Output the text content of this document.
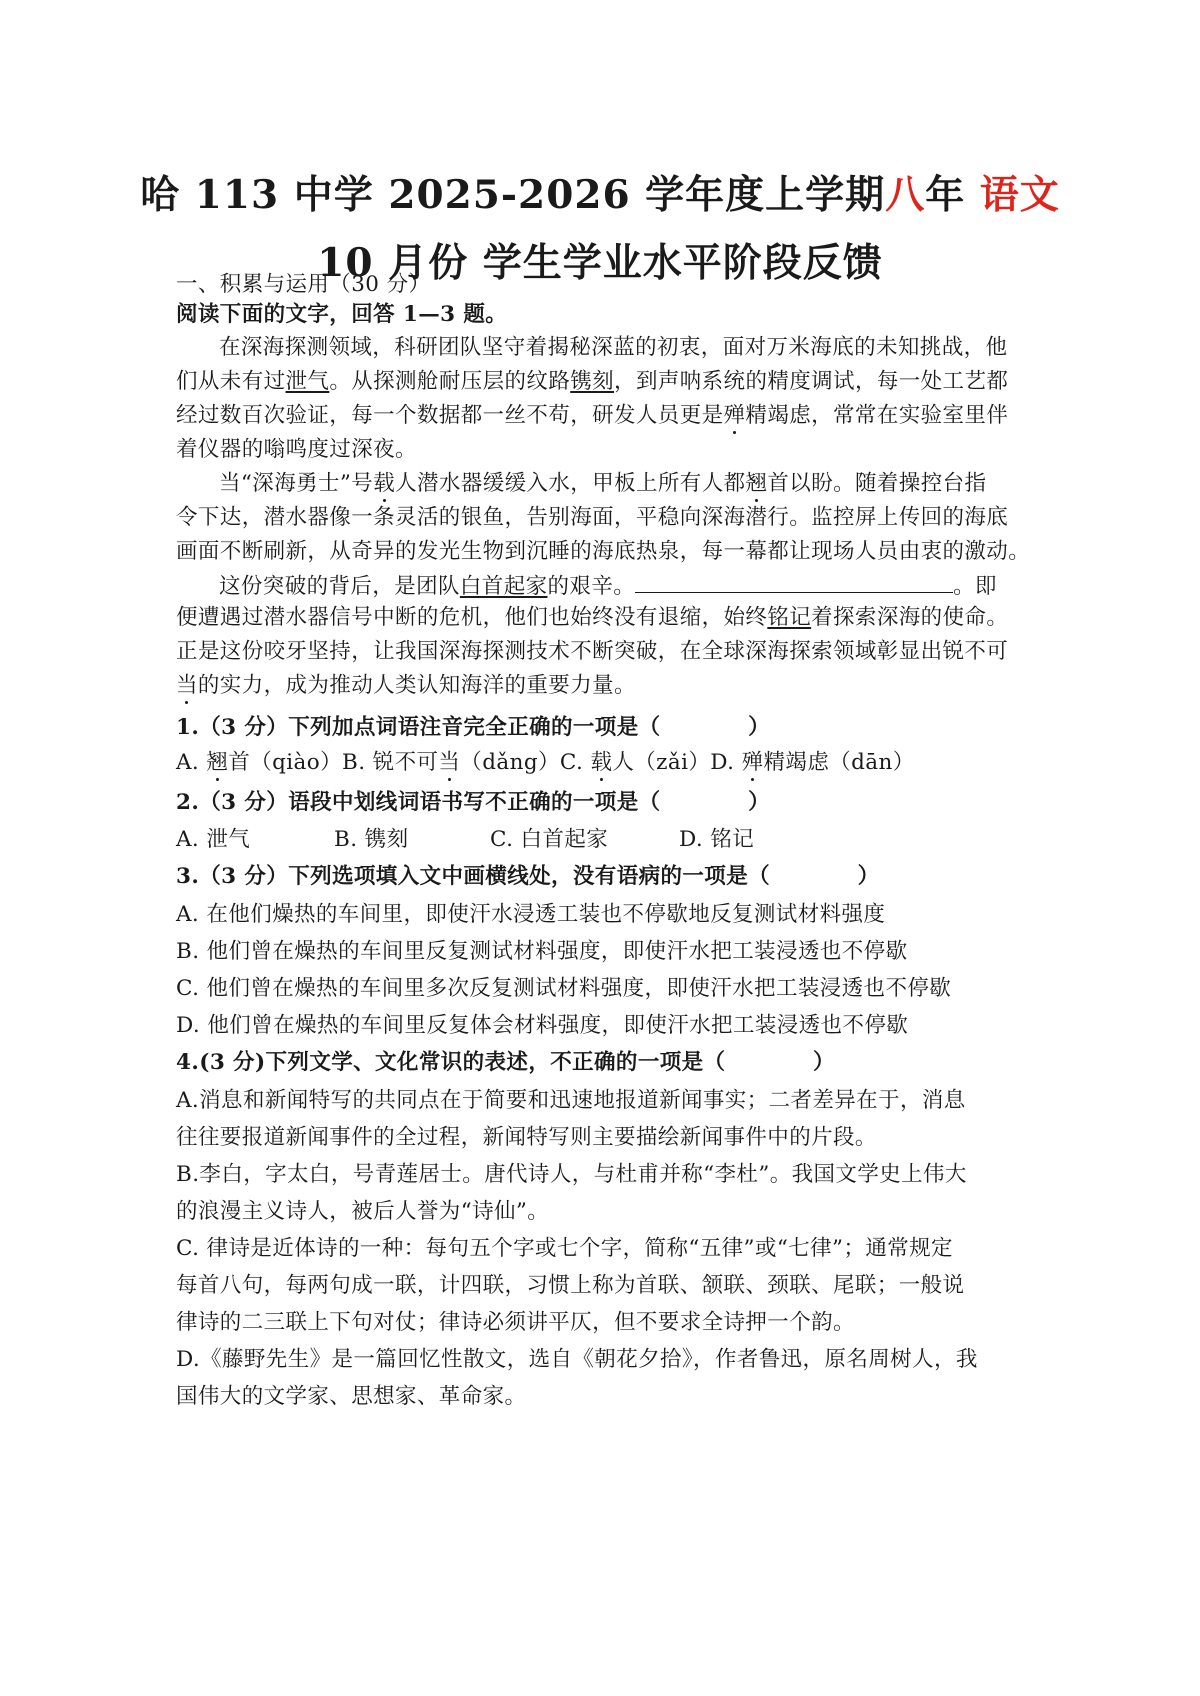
哈 113 中学 2025-2026 学年度上学期八年 语文
10 月份 学生学业水平阶段反馈
一、积累与运用（30 分）
阅读下面的文字，回答 1—3 题。
在深海探测领域，科研团队坚守着揭秘深蓝的初衷，面对万米海底的未知挑战，他
们从未有过泄气。从探测舱耐压层的纹路镌刻，到声呐系统的精度调试，每一处工艺都
经过数百次验证，每一个数据都一丝不苟，研发人员更是殚精竭虑，常常在实验室里伴
着仪器的嗡鸣度过深夜。
当“深海勇士”号载人潜水器缓缓入水，甲板上所有人都翘首以盼。随着操控台指
令下达，潜水器像一条灵活的银鱼，告别海面，平稳向深海潜行。监控屏上传回的海底
画面不断刷新，从奇异的发光生物到沉睡的海底热泉，每一幕都让现场人员由衷的激动。
这份突破的背后，是团队白首起家的艰辛。	。即
便遭遇过潜水器信号中断的危机，他们也始终没有退缩，始终铭记着探索深海的使命。
正是这份咬牙坚持，让我国深海探测技术不断突破，在全球深海探索领域彰显出锐不可
当的实力，成为推动人类认知海洋的重要力量。
1.（3 分）下列加点词语注音完全正确的一项是（　　　　）
A. 翘首（qiào）B. 锐不可当（dǎng）C. 载人（zǎi）D. 殚精竭虑（dān）
2.（3 分）语段中划线词语书写不正确的一项是（　　　　）
A. 泄气	B. 镌刻	C. 白首起家	D. 铭记
3.（3 分）下列选项填入文中画横线处，没有语病的一项是（　　　　）
A. 在他们燥热的车间里，即使汗水浸透工装也不停歇地反复测试材料强度
B. 他们曾在燥热的车间里反复测试材料强度，即使汗水把工装浸透也不停歇
C. 他们曾在燥热的车间里多次反复测试材料强度，即使汗水把工装浸透也不停歇
D. 他们曾在燥热的车间里反复体会材料强度，即使汗水把工装浸透也不停歇
4.(3 分)下列文学、文化常识的表述，不正确的一项是（　　　　）
A.消息和新闻特写的共同点在于简要和迅速地报道新闻事实；二者差异在于，消息
往往要报道新闻事件的全过程，新闻特写则主要描绘新闻事件中的片段。
B.李白，字太白，号青莲居士。唐代诗人，与杜甫并称“李杜”。我国文学史上伟大
的浪漫主义诗人，被后人誉为“诗仙”。
C. 律诗是近体诗的一种：每句五个字或七个字，简称“五律”或“七律”；通常规定
每首八句，每两句成一联，计四联，习惯上称为首联、颔联、颈联、尾联；一般说
律诗的二三联上下句对仗；律诗必须讲平仄，但不要求全诗押一个韵。
D.《藤野先生》是一篇回忆性散文，选自《朝花夕拾》，作者鲁迅，原名周树人，我
国伟大的文学家、思想家、革命家。
